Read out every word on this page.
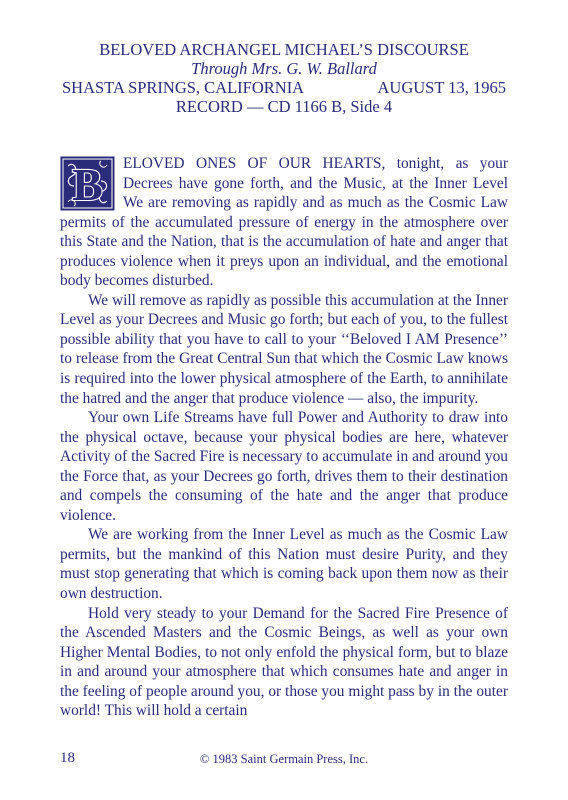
BELOVED ARCHANGEL MICHAEL’S DISCOURSE
Through Mrs. G. W. Ballard
SHASTA SPRINGS, CALIFORNIA	AUGUST 13, 1965
RECORD — CD 1166 B, Side 4

B ELOVED ONES OF OUR HEARTS, tonight, as your Decrees have gone forth, and the Music, at the Inner Level We are removing as rapidly and as much as the Cosmic Law permits of the accumulated pressure of energy in the atmosphere over this State and the Nation, that is the accumulation of hate and anger that produces violence when it preys upon an individual, and the emotional body becomes disturbed.

We will remove as rapidly as possible this accumulation at the Inner Level as your Decrees and Music go forth; but each of you, to the fullest possible ability that you have to call to your ‘‘Beloved I AM Presence’’ to release from the Great Central Sun that which the Cosmic Law knows is required into the lower physical atmosphere of the Earth, to annihilate the hatred and the anger that produce violence — also, the impurity.

Your own Life Streams have full Power and Authority to draw into the physical octave, because your physical bodies are here, whatever Activity of the Sacred Fire is necessary to accumulate in and around you the Force that, as your Decrees go forth, drives them to their destination and compels the consuming of the hate and the anger that produce violence.

We are working from the Inner Level as much as the Cosmic Law permits, but the mankind of this Nation must desire Purity, and they must stop generating that which is coming back upon them now as their own destruction.

Hold very steady to your Demand for the Sacred Fire Presence of the Ascended Masters and the Cosmic Beings, as well as your own Higher Mental Bodies, to not only enfold the physical form, but to blaze in and around your atmosphere that which consumes hate and anger in the feeling of people around you, or those you might pass by in the outer world! This will hold a certain

18	© 1983 Saint Germain Press, Inc.
